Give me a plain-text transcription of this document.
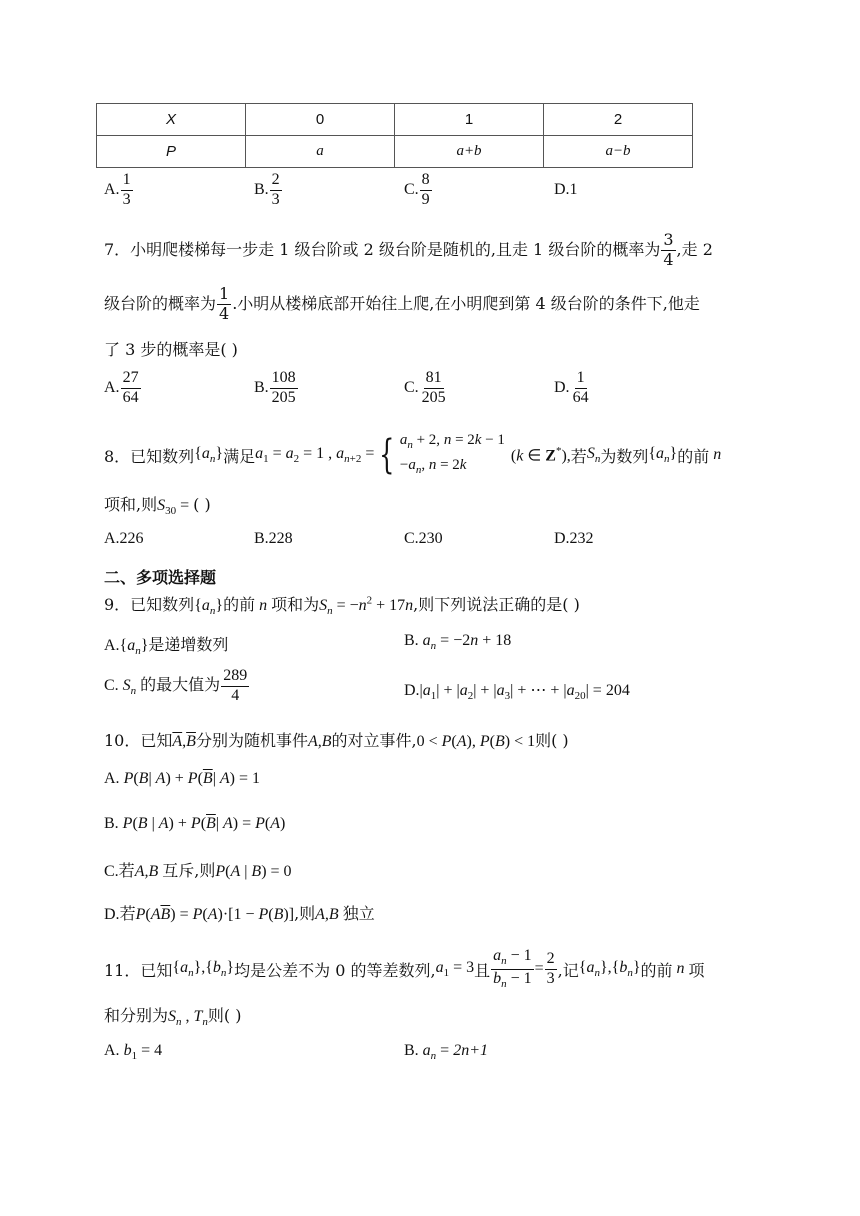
X	0	1	2
P	a	a+b	a−b
A. $\frac{1}{3}$	B. $\frac{2}{3}$	C. $\frac{8}{9}$	D.1
7．小明爬楼梯每一步走 1 级台阶或 2 级台阶是随机的,且走 1 级台阶的概率为 $\frac{3}{4}$ ,走 2
级台阶的概率为 $\frac{1}{4}$ .小明从楼梯底部开始往上爬,在小明爬到第 4 级台阶的条件下,他走
了 3 步的概率是( )
A. $\frac{27}{64}$	B. $\frac{108}{205}$	C. $\frac{81}{205}$	D. $\frac{1}{64}$
8．已知数列 $\{a_n\}$ 满足 $a_1 = a_2 = 1$ , $a_{n+2}$ = { $a_n + 2$, n = 2k − 1
$-a_n$, n = 2k
(k ∈ Z*), 若 $S_n$ 为数列 $\{a_n\}$ 的前 n
项和,则$S_{30}$ = ( )
A.226	B.228	C.230	D.232
二、多项选择题
9．已知数列$\{a_n\}$的前 n 项和为$S_n = -n^2 + 17n$,则下列说法正确的是( )
$A.\{a_n\}$是递增数列	B. $a_n = -2n + 18$
C. $S_n$ 的最大值为 $\frac{289}{4}$	$D.|a_1| + |a_2| + |a_3|$ + ⋯ + $|a_{20}| = 204$
10．已知$\overline{A},\overline{B}$分别为随机事件A,B的对立事件,0 < P(A), P(B) < 1则( )
A. P(B| $A) + P(\overline{B}|$ A) = 1
B. P(B | $A) + P(\overline{B}|$ A) = P(A)
C.若A,B 互斥,则P(A | B) = 0
D.若$P(A\overline{B}) = P(A)\cdot[1 - P(B)]$,则A,B 独立
11．已知 $\{a_n\},\{b_n\}$ 均是公差不为 0 的等差数列, $a_1 = 3$ 且 $\frac{a_n - 1}{b_n - 1} = \frac{2}{3}$ ,记 $\{a_n\},\{b_n\}$ 的前 n 项
和分别为$S_n$ , $T_n$则( )
A. $b_1 = 4$	B. $a_n = 2n+1$
